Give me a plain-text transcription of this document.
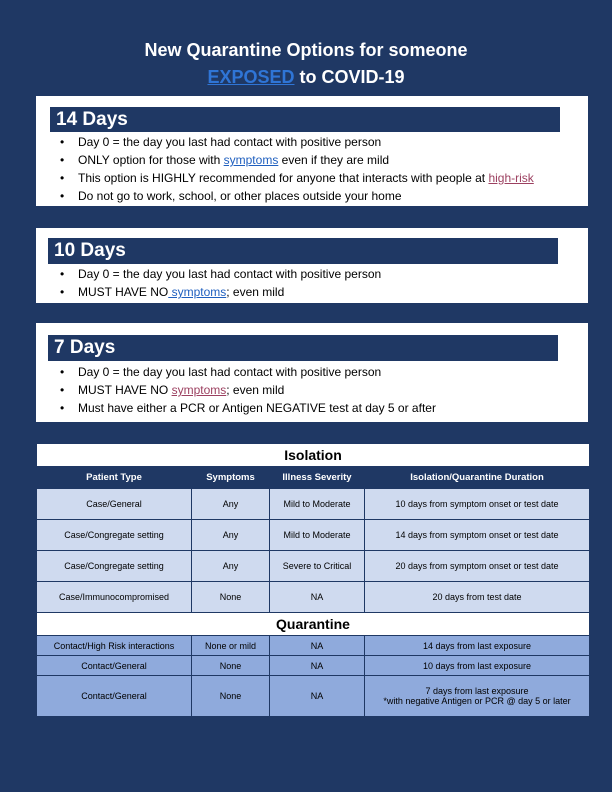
New Quarantine Options for someone
EXPOSED to COVID-19
14 Days
• Day 0 = the day you last had contact with positive person
• ONLY option for those with symptoms even if they are mild
• This option is HIGHLY recommended for anyone that interacts with people at high-risk
• Do not go to work, school, or other places outside your home
10 Days
• Day 0 = the day you last had contact with positive person
• MUST HAVE NO symptoms; even mild
7 Days
• Day 0 = the day you last had contact with positive person
• MUST HAVE NO symptoms; even mild
• Must have either a PCR or Antigen NEGATIVE test at day 5 or after
Isolation			
Patient Type	Symptoms	Illness Severity	Isolation/Quarantine Duration
Case/General	Any	Mild to Moderate	10 days from symptom onset or test date
Case/Congregate setting	Any	Mild to Moderate	14 days from symptom onset or test date
Case/Congregate setting	Any	Severe to Critical	20 days from symptom onset or test date
Case/Immunocompromised	None	NA	20 days from test date
Quarantine			
Contact/High Risk interactions	None or mild	NA	14 days from last exposure
Contact/General	None	NA	10 days from last exposure
Contact/General	None	NA	7 days from last exposure
*with negative Antigen or PCR @ day 5 or later
